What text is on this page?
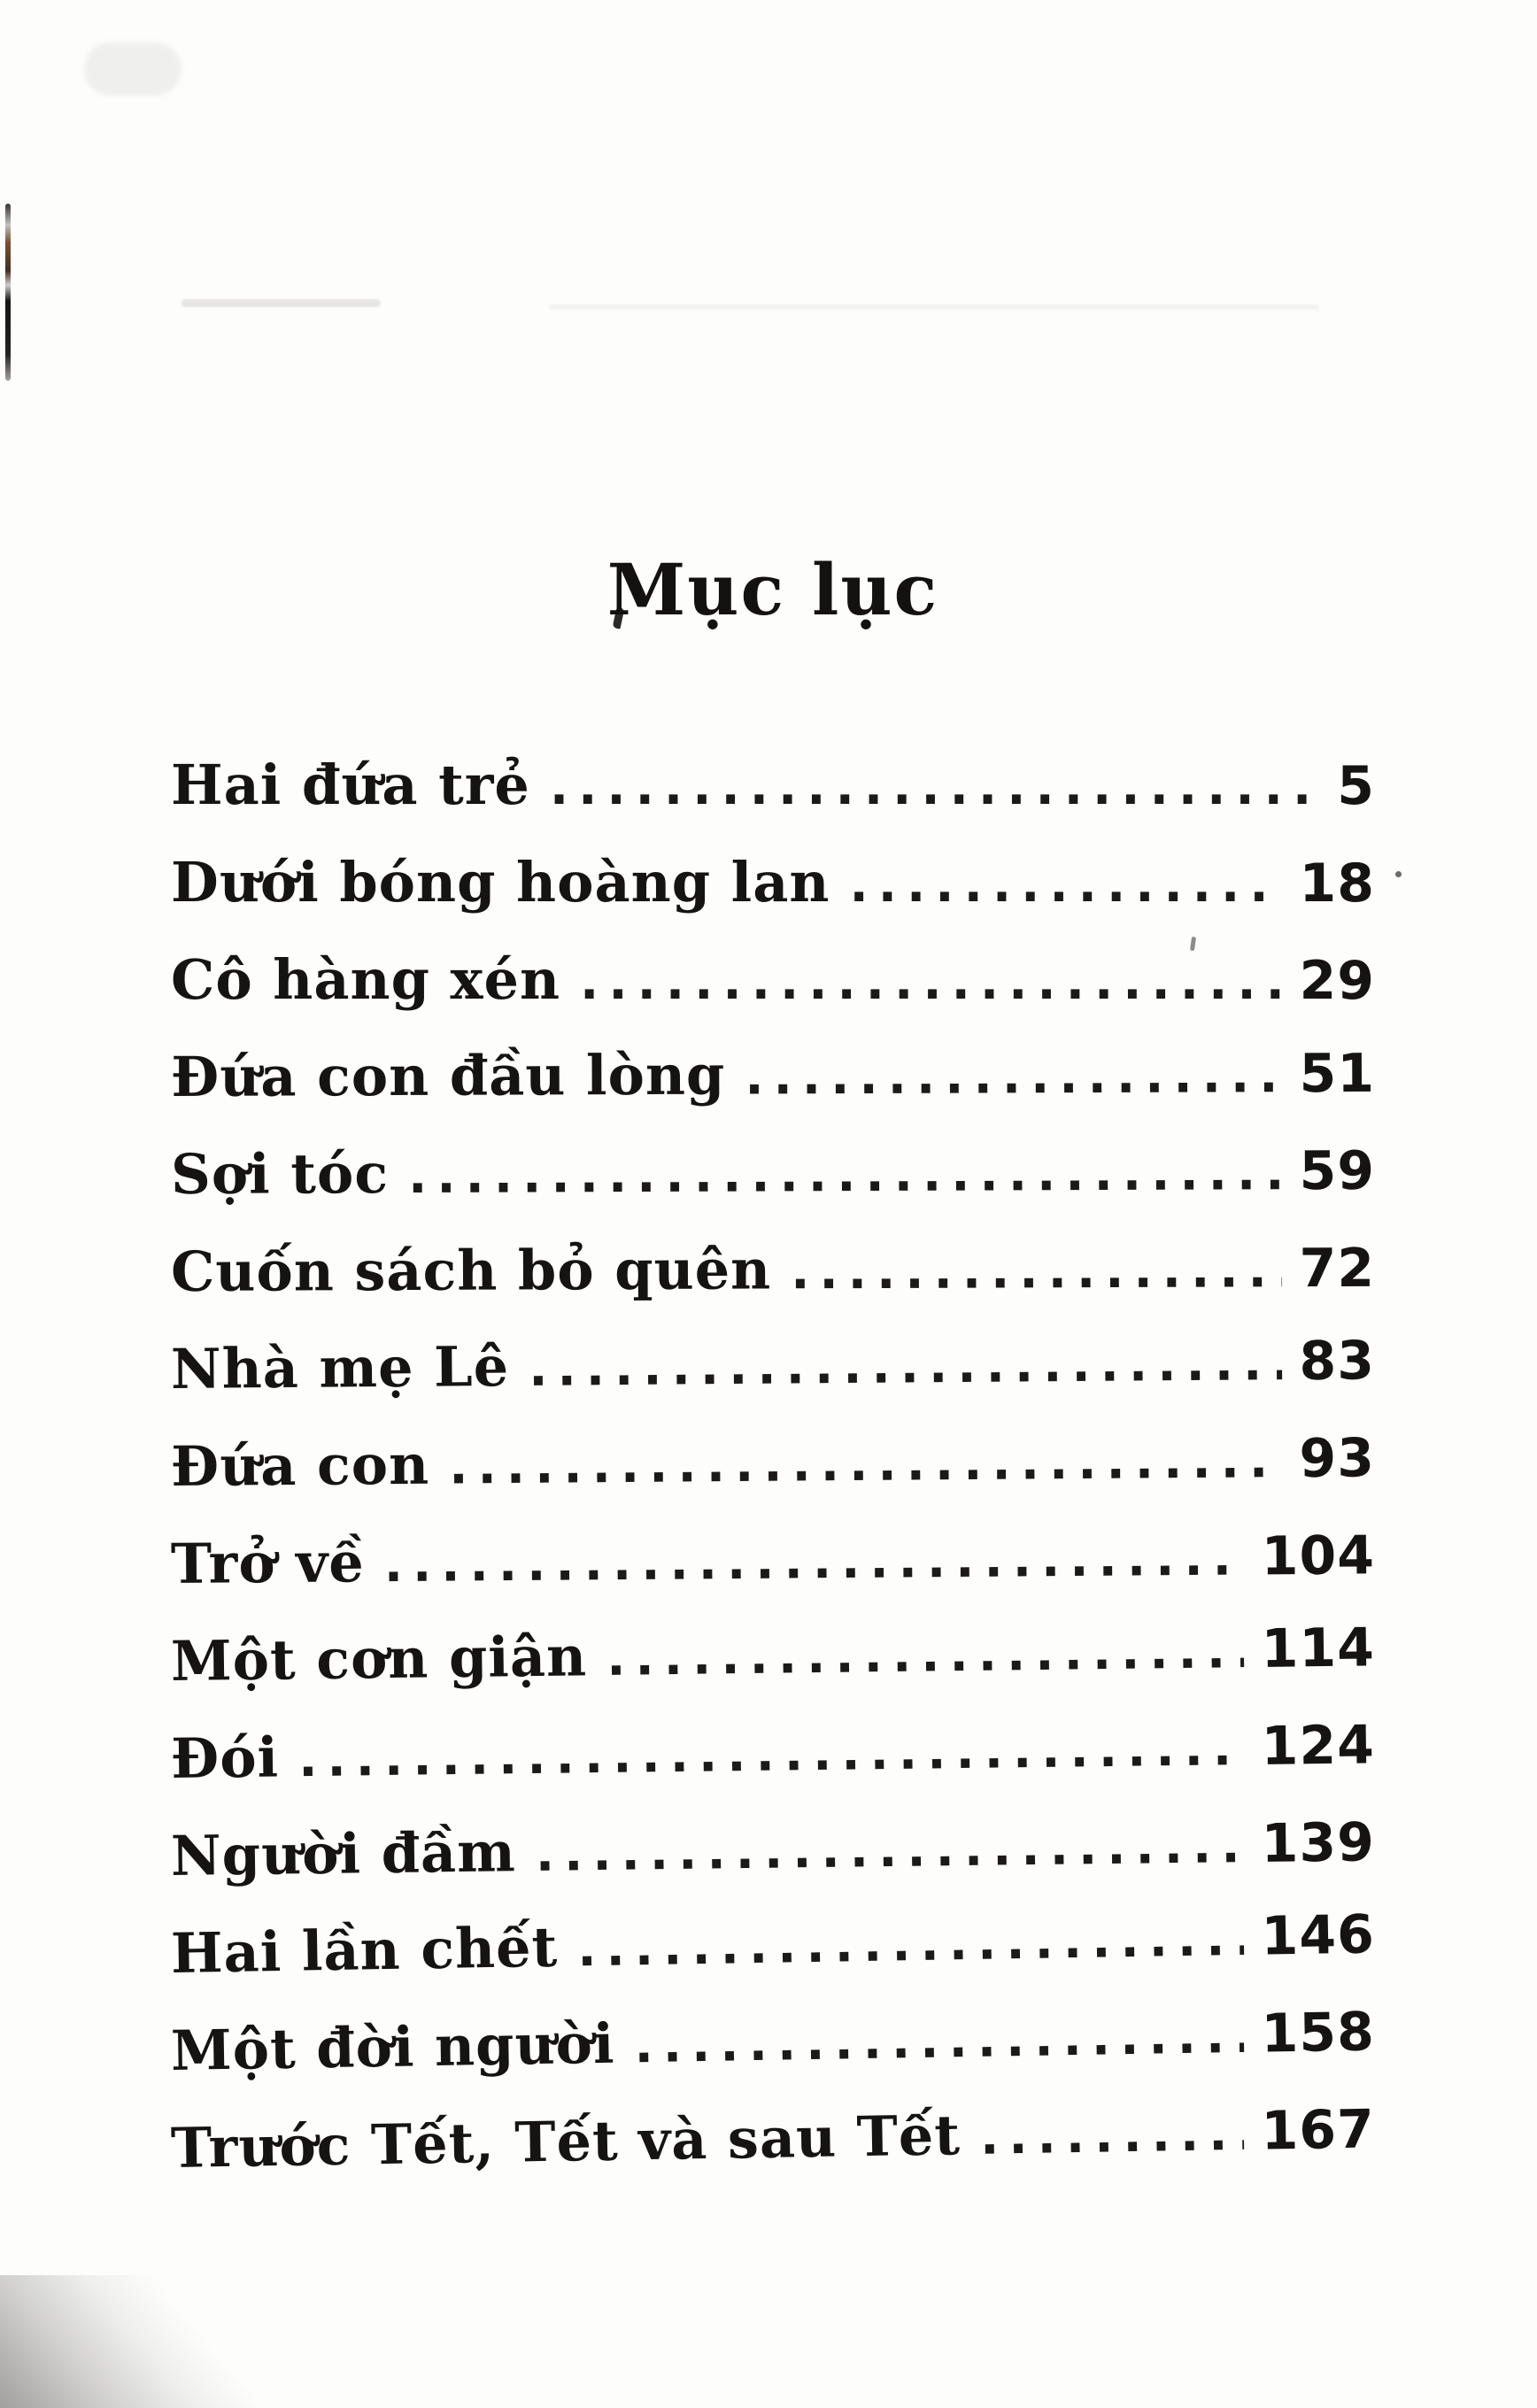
Mục lục
Hai đứa trẻ .....	5
Dưới bóng hoàng lan .....	18
Cô hàng xén .....	29
Đứa con đầu lòng .....	51
Sợi tóc .....	59
Cuốn sách bỏ quên .....	72
Nhà mẹ Lê .....	83
Đứa con .....	93
Trở về .....	104
Một cơn giận .....	114
Đói .....	124
Người đầm .....	139
Hai lần chết .....	146
Một đời người .....	158
Trước Tết, Tết và sau Tết .....	167
